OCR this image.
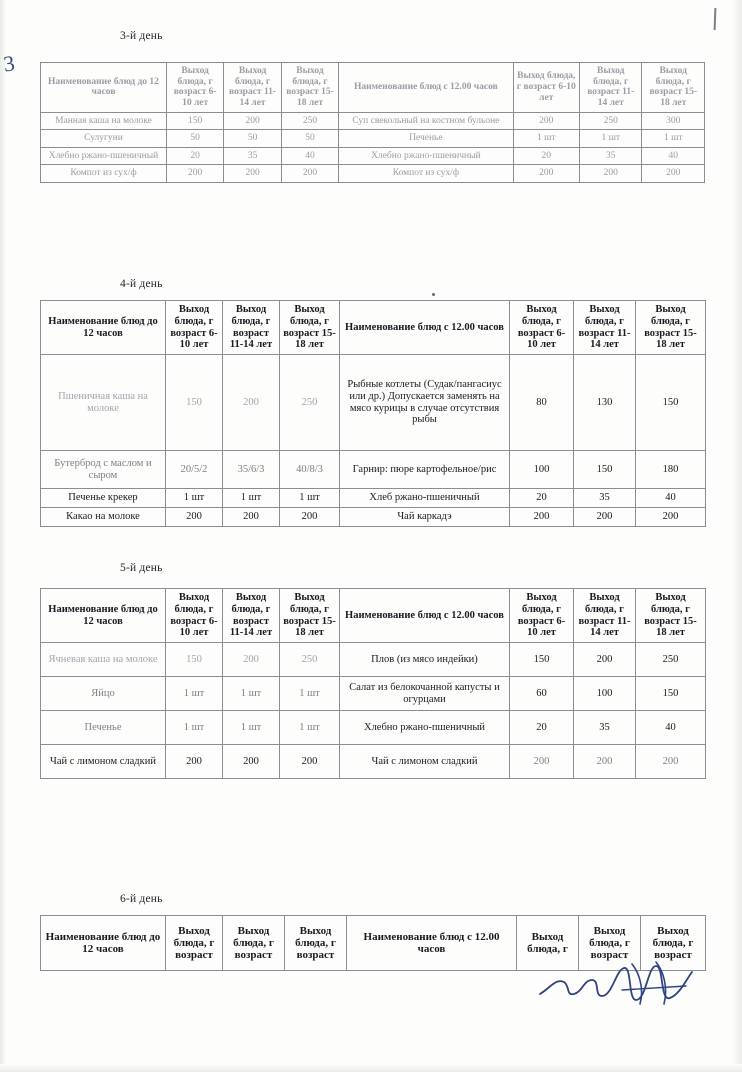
3-й день
Наименование блюд до 12 часов	Выход блюда, г возраст 6-10 лет	Выход блюда, г возраст 11-14 лет	Выход блюда, г возраст 15-18 лет	Наименование блюд с 12.00 часов	Выход блюда, г возраст 6-10 лет	Выход блюда, г возраст 11-14 лет	Выход блюда, г возраст 15-18 лет
Манная каша на молоке	150	200	250	Суп свекольный на костном бульоне	200	250	300
Сулугуни	50	50	50	Печенье	1 шт	1 шт	1 шт
Хлебно ржано-пшеничный	20	35	40	Хлебно ржано-пшеничный	20	35	40
Компот из сух/ф	200	200	200	Компот из сух/ф	200	200	200
4-й день
Наименование блюд до 12 часов	Выход блюда, г возраст 6-10 лет	Выход блюда, г возраст 11-14 лет	Выход блюда, г возраст 15-18 лет	Наименование блюд с 12.00 часов	Выход блюда, г возраст 6-10 лет	Выход блюда, г возраст 11-14 лет	Выход блюда, г возраст 15-18 лет
Пшеничная каша на молоке	150	200	250	Рыбные котлеты (Судак/пангасиус или др.) Допускается заменять на мясо курицы в случае отсутствия рыбы	80	130	150
Бутерброд с маслом и сыром	20/5/2	35/6/3	40/8/3	Гарнир: пюре картофельное/рис	100	150	180
Печенье крекер	1 шт	1 шт	1 шт	Хлеб ржано-пшеничный	20	35	40
Какао на молоке	200	200	200	Чай каркадэ	200	200	200
5-й день
Наименование блюд до 12 часов	Выход блюда, г возраст 6-10 лет	Выход блюда, г возраст 11-14 лет	Выход блюда, г возраст 15-18 лет	Наименование блюд с 12.00 часов	Выход блюда, г возраст 6-10 лет	Выход блюда, г возраст 11-14 лет	Выход блюда, г возраст 15-18 лет
Ячневая каша на молоке	150	200	250	Плов (из мясо индейки)	150	200	250
Яйцо	1 шт	1 шт	1 шт	Салат из белокочанной капусты и огурцами	60	100	150
Печенье	1 шт	1 шт	1 шт	Хлебно ржано-пшеничный	20	35	40
Чай с лимоном сладкий	200	200	200	Чай с лимоном сладкий	200	200	200
6-й день
Наименование блюд до 12 часов	Выход блюда, г возраст	Выход блюда, г возраст	Выход блюда, г возраст	Наименование блюд с 12.00 часов	Выход блюда, г	Выход блюда, г возраст	Выход блюда, г возраст
3
